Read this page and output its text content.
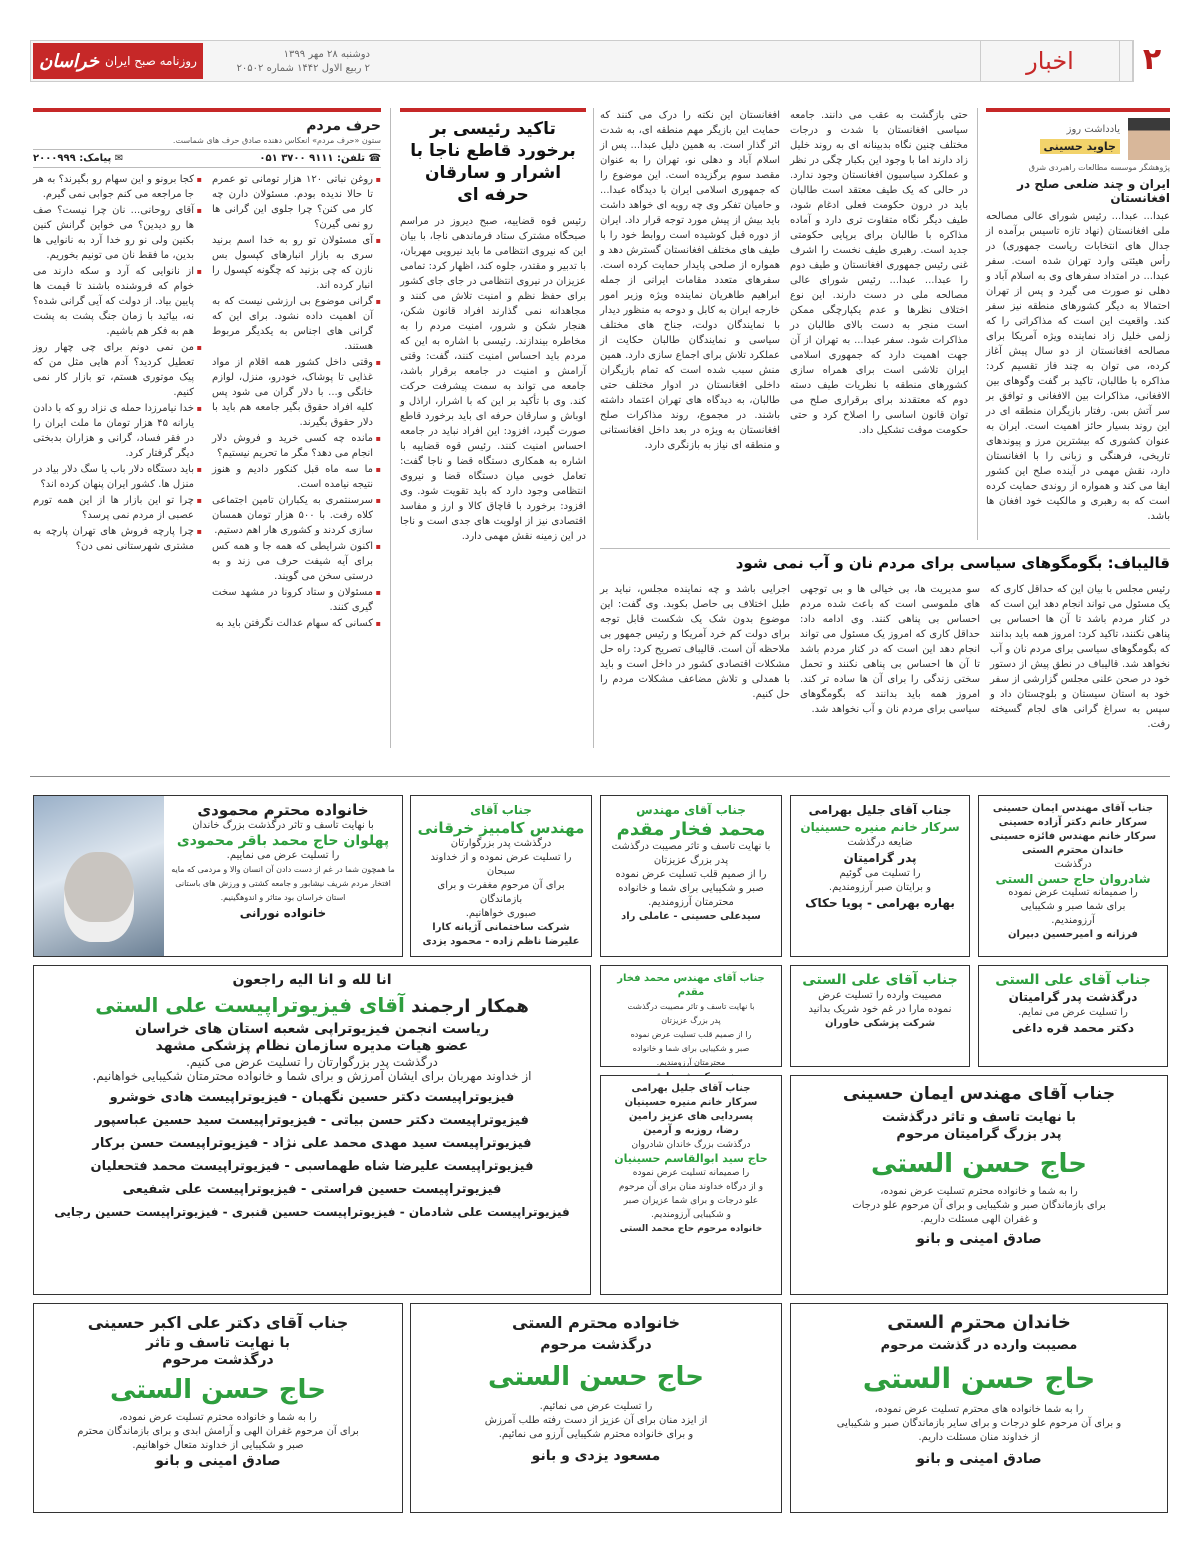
۲
اخبار
دوشنبه ۲۸ مهر ۱۳۹۹
۲ ربیع الاول ۱۴۴۲ شماره ۲۰۵۰۲
روزنامه صبح ایران
خراسان
یادداشت روز
جاوید حسینی
پژوهشگر موسسه مطالعات راهبردی شرق
ایران و چند ضلعی صلح در افغانستان

عبدا... عبدا... رئیس شورای عالی مصالحه ملی افغانستان (نهاد تازه تاسیس برآمده از جدال های انتخابات ریاست جمهوری) در رأس هیئتی وارد تهران شده است. سفر عبدا... در امتداد سفرهای وی به اسلام آباد و دهلی نو صورت می گیرد و پس از تهران احتمالا به دیگر کشورهای منطقه نیز سفر کند. واقعیت این است که مذاکراتی را که زلمی خلیل زاد نماینده ویژه آمریکا برای مصالحه افغانستان از دو سال پیش آغاز کرده، می توان به چند فاز تقسیم کرد: مذاکره با طالبان، تاکید بر گفت وگوهای بین الافغانی، مذاکرات بین الافغانی و توافق بر سر آتش بس. رفتار بازیگران منطقه ای در این روند بسیار حائز اهمیت است. ایران به عنوان کشوری که بیشترین مرز و پیوندهای تاریخی، فرهنگی و زبانی را با افغانستان دارد، نقش مهمی در آینده صلح این کشور ایفا می کند و همواره از روندی حمایت کرده است که به رهبری و مالکیت خود افغان ها باشد.

حتی بازگشت به عقب می دانند. جامعه سیاسی افغانستان با شدت و درجات مختلف چنین نگاه بدبینانه ای به روند خلیل زاد دارند اما با وجود این بکبار چگی در نظر و عملکرد سیاسیون افغانستان وجود ندارد. در حالی که یک طیف معتقد است طالبان باید در درون حکومت فعلی ادغام شود، طیف دیگر نگاه متفاوت تری دارد و آماده مذاکره با طالبان برای برپایی حکومتی جدید است. رهبری طیف نخست را اشرف غنی رئیس جمهوری افغانستان و طیف دوم را عبدا... عبدا... رئیس شورای عالی مصالحه ملی در دست دارند. این نوع اختلاف نظرها و عدم یکپارچگی ممکن است منجر به دست بالای طالبان در مذاکرات شود. سفر عبدا... به تهران از آن جهت اهمیت دارد که جمهوری اسلامی ایران تلاشی است برای همراه سازی کشورهای منطقه با نظریات طیف دسته دوم که معتقدند برای برقراری صلح می توان قانون اساسی را اصلاح کرد و حتی حکومت موقت تشکیل داد.

افغانستان این نکته را درک می کنند که حمایت این بازیگر مهم منطقه ای، به شدت اثر گذار است. به همین دلیل عبدا... پس از اسلام آباد و دهلی نو، تهران را به عنوان مقصد سوم برگزیده است. این موضوع را که جمهوری اسلامی ایران با دیدگاه عبدا... و حامیان تفکر وی چه رویه ای خواهد داشت باید بیش از پیش مورد توجه قرار داد. ایران از دوره قبل کوشیده است روابط خود را با طیف های مختلف افغانستان گسترش دهد و همواره از صلحی پایدار حمایت کرده است. سفرهای متعدد مقامات ایرانی از جمله ابراهیم طاهریان نماینده ویژه وزیر امور خارجه ایران به کابل و دوحه به منظور دیدار با نمایندگان دولت، جناح های مختلف سیاسی و نمایندگان طالبان حکایت از عملکرد تلاش برای اجماع سازی دارد. همین منش سبب شده است که تمام بازیگران داخلی افغانستان در ادوار مختلف حتی طالبان، به دیدگاه های تهران اعتماد داشته باشند. در مجموع، روند مذاکرات صلح افغانستان به ویژه در بعد داخل افغانستانی و منطقه ای نیاز به بازنگری دارد.

تاکید رئیسی بر برخورد قاطع ناجا با اشرار و سارقان حرفه ای

رئیس قوه قضاییه، صبح دیروز در مراسم صبحگاه مشترک ستاد فرماندهی ناجا، با بیان این که نیروی انتظامی ما باید نیرویی مهربان، با تدبیر و مقتدر، جلوه کند، اظهار کرد: تمامی عزیزان در نیروی انتظامی در جای جای کشور برای حفظ نظم و امنیت تلاش می کنند و مجاهدانه نمی گذارند افراد قانون شکن، هنجار شکن و شرور، امنیت مردم را به مخاطره بیندازند. رئیسی با اشاره به این که مردم باید احساس امنیت کنند، گفت: وقتی آرامش و امنیت در جامعه برقرار باشد، جامعه می تواند به سمت پیشرفت حرکت کند. وی با تأکید بر این که با اشرار، اراذل و اوباش و سارقان حرفه ای باید برخورد قاطع صورت گیرد، افزود: این افراد نباید در جامعه احساس امنیت کنند. رئیس قوه قضاییه با اشاره به همکاری دستگاه قضا و ناجا گفت: تعامل خوبی میان دستگاه قضا و نیروی انتظامی وجود دارد که باید تقویت شود. وی افزود: برخورد با قاچاق کالا و ارز و مفاسد اقتصادی نیز از اولویت های جدی است و ناجا در این زمینه نقش مهمی دارد.

حرف مردم
ستون «حرف مردم» انعکاس دهنده صادق حرف های شماست.
☎ تلفن: ۹۱۱۱ ۳۷۰۰ ۰۵۱
✉ پیامک: ۲۰۰۰۹۹۹
▪ روغن نباتی ۱۲۰ هزار تومانی تو عمرم تا حالا ندیده بودم. مسئولان دارن چه کار می کنن؟ چرا جلوی این گرانی ها رو نمی گیرن؟
▪ آی مسئولان تو رو به خدا اسم برنید سری به بازار انبارهای کپسول بس نازن که چی بزنید که چگونه کپسول را انبار کرده اند.
▪ گرانی موضوع بی ارزشی نیست که به آن اهمیت داده نشود. برای این که گرانی های اجناس به یکدیگر مربوط هستند.
▪ وقتی داخل کشور همه اقلام از مواد غذایی تا پوشاک، خودرو، منزل، لوازم خانگی و... با دلار گران می شود پس کلیه افراد حقوق بگیر جامعه هم باید با دلار حقوق بگیرند.
▪ مانده چه کسی خرید و فروش دلار انجام می دهد؟ مگر ما تحریم نیستیم؟
▪ ما سه ماه قبل کنکور دادیم و هنوز نتیجه نیامده است.
▪ سرسنتمری به یکباران تامین اجتماعی کلاه رفت. با ۵۰۰ هزار تومان همسان سازی کردند و کشوری هار اهم دستیم.
▪ اکنون شرایطی که همه جا و همه کس برای آیه شیفت حرف می زند و به درستی سخن می گویند.
▪ مسئولان و ستاد کرونا در مشهد سخت گیری کنند.
▪ کسانی که سهام عدالت نگرفتن باید به
▪ کجا برونو و این سهام رو بگیرند؟ به هر جا مراجعه می کنم جوابی نمی گیرم.
▪ آقای روحانی... نان چرا نیست؟ صف ها رو دیدین؟ می خواین گرانش کنین بکنین ولی نو رو خدا آرد به نانوایی ها بدین، ما فقط نان می تونیم بخوریم.
▪ از نانوایی که آرد و سکه دارند می خوام که فروشنده باشند تا قیمت ها پایین بیاد. از دولت که آیی گرانی شده؟ نه، بیائید با زمان جنگ پشت به پشت هم به فکر هم باشیم.
▪ من نمی دونم برای چی چهار روز تعطیل کردید؟ آدم هایی مثل من که پیک موتوری هستم، تو بازار کار نمی کنیم.
▪ خدا نیامرزدا حمله ی نزاد رو که با دادن یارانه ۴۵ هزار تومان ما ملت ایران را در فقر فساد، گرانی و هزاران بدبختی دیگر گرفتار کرد.
▪ باید دستگاه دلار باب یا سگ دلار بیاد در منزل ها. کشور ایران پنهان کرده اند؟
▪ چرا تو این بازار ها از این همه تورم عصبی از مردم نمی پرسد؟
▪ چرا پارچه فروش های تهران پارچه به مشتری شهرستانی نمی دن؟
قالیباف: بگومگوهای سیاسی برای مردم نان و آب نمی شود

رئیس مجلس با بیان این که حداقل کاری که یک مسئول می تواند انجام دهد این است که در کنار مردم باشد تا آن ها احساس بی پناهی نکنند، تاکید کرد: امروز همه باید بدانند که بگومگوهای سیاسی برای مردم نان و آب نخواهد شد. قالیباف در نطق پیش از دستور خود در صحن علنی مجلس گزارشی از سفر خود به استان سیستان و بلوچستان داد و سپس به سراغ گرانی های لجام گسیخته رفت.

سو مدیریت ها، بی خیالی ها و بی توجهی های ملموسی است که باعث شده مردم احساس بی پناهی کنند. وی ادامه داد: حداقل کاری که امروز یک مسئول می تواند انجام دهد این است که در کنار مردم باشد تا آن ها احساس بی پناهی نکنند و تحمل سختی زندگی را برای آن ها ساده تر کند. امروز همه باید بدانند که بگومگوهای سیاسی برای مردم نان و آب نخواهد شد.

اجرایی باشد و چه نماینده مجلس، نباید بر طبل اختلاف بی حاصل بکوبد. وی گفت: این موضوع بدون شک یک شکست قابل توجه برای دولت کم خرد آمریکا و رئیس جمهور بی ملاحظه آن است. قالیباف تصریح کرد: راه حل مشکلات اقتصادی کشور در داخل است و باید با همدلی و تلاش مضاعف مشکلات مردم را حل کنیم.

جناب آقای مهندس ایمان حسینی
سرکار خانم دکتر آزاده حسینی
سرکار خانم مهندس فائزه حسینی
خاندان محترم الستی
درگذشت
شادروان حاج حسن الستی
را صمیمانه تسلیت عرض نموده
برای شما صبر و شکیبایی
آرزومندیم.
فرزانه و امیرحسین دبیران
جناب آقای جلیل بهرامی
سرکار خانم منیره حسینیان
ضایعه درگذشت
پدر گرامیتان
را تسلیت می گوئیم
و برایتان صبر آرزومندیم.
بهاره بهرامی - پویا حکاک
جناب آقای مهندس
محمد فخار مقدم
با نهایت تاسف و تاثر مصیبت درگذشت
پدر بزرگ عزیزتان
را از صمیم قلب تسلیت عرض نموده
صبر و شکیبایی برای شما و خانواده
محترمتان آرزومندیم.
سیدعلی حسینی - عاملی راد
جناب آقای
مهندس کامبیز خرقانی
درگذشت پدر بزرگوارتان
را تسلیت عرض نموده و از خداوند سبحان
برای آن مرحوم مغفرت و برای بازماندگان
صبوری خواهانیم.
شرکت ساختمانی آژیانه کارا
علیرضا ناظم زاده - محمود یزدی
خانواده محترم محمودی
با نهایت تاسف و تاثر درگذشت بزرگ خاندان
پهلوان حاج محمد باقر محمودی
را تسلیت عرض می نماییم.
ما همچون شما در غم از دست دادن آن انسان والا و مردمی که مایه
افتخار مردم شریف نیشابور و جامعه کشتی و ورزش های باستانی
استان خراسان بود متاثر و اندوهگینیم.
خانواده نورانی
جناب آقای علی الستی
درگذشت پدر گرامیتان
را تسلیت عرض می نمایم.
دکتر محمد قره داغی
جناب آقای علی الستی
مصیبت وارده را تسلیت عرض
نموده مارا در غم خود شریک بدانید
شرکت پزشکی خاوران
جناب آقای مهندس محمد فخار مقدم
با نهایت تاسف و تاثر مصیبت درگذشت
پدر بزرگ عزیزتان
را از صمیم قلب تسلیت عرض نموده
صبر و شکیبایی برای شما و خانواده
محترمتان آرزومندیم.
انا لله و انا الیه راجعون
همکار ارجمند آقای فیزیوتراپیست علی الستی
ریاست انجمن فیزیوتراپی شعبه استان های خراسان
عضو هیات مدیره سازمان نظام پزشکی مشهد
درگذشت پدر بزرگوارتان را تسلیت عرض می کنیم.
از خداوند مهربان برای ایشان آمرزش و برای شما و خانواده محترمتان شکیبایی خواهانیم.
فیزیوتراپیست دکتر حسین نگهبان - فیزیوتراپیست هادی خوشرو
فیزیوتراپیست دکتر حسن بیاتی - فیزیوتراپیست سید حسین عباسپور
فیزیوتراپیست سید مهدی محمد علی نژاد - فیزیوتراپیست حسن برکار
فیزیوتراپیست علیرضا شاه طهماسبی - فیزیوتراپیست محمد فتحعلیان
فیزیوتراپیست حسین فراستی - فیزیوتراپیست علی شفیعی
فیزیوتراپیست علی شادمان - فیزیوتراپیست حسین قنبری - فیزیوتراپیست حسین رجایی
جناب آقای جلیل بهرامی
سرکار خانم منیره حسینیان
پسردایی های عزیز رامین
رضا، روزبه و آرمین
درگذشت بزرگ خاندان شادروان
حاج سید ابوالقاسم حسینیان
را صمیمانه تسلیت عرض نموده
و از درگاه خداوند منان برای آن مرحوم
علو درجات و برای شما عزیزان صبر
و شکیبایی آرزومندیم.
خانواده مرحوم حاج محمد الستی
جناب آقای مهندس ایمان حسینی
با نهایت تاسف و تاثر درگذشت
پدر بزرگ گرامیتان مرحوم
حاج حسن الستی
را به شما و خانواده محترم تسلیت عرض نموده،
برای بازماندگان صبر و شکیبایی و برای آن مرحوم علو درجات
و غفران الهی مسئلت داریم.
صادق امینی و بانو
جناب آقای دکتر علی اکبر حسینی
با نهایت تاسف و تاثر
درگذشت مرحوم
حاج حسن الستی
را به شما و خانواده محترم تسلیت عرض نموده،
برای آن مرحوم غفران الهی و آرامش ابدی و برای بازماندگان محترم
صبر و شکیبایی از خداوند متعال خواهانیم.
صادق امینی و بانو
خانواده محترم الستی
درگذشت مرحوم
حاج حسن الستی
را تسلیت عرض می نمائیم.
از ایزد منان برای آن عزیز از دست رفته طلب آمرزش
و برای خانواده محترم شکیبایی آرزو می نمائیم.
مسعود یزدی و بانو
خاندان محترم الستی
مصیبت وارده در گذشت مرحوم
حاج حسن الستی
را به شما خانواده های محترم تسلیت عرض نموده،
و برای آن مرحوم علو درجات و برای سایر بازماندگان صبر و شکیبایی
از خداوند منان مسئلت داریم.
صادق امینی و بانو
